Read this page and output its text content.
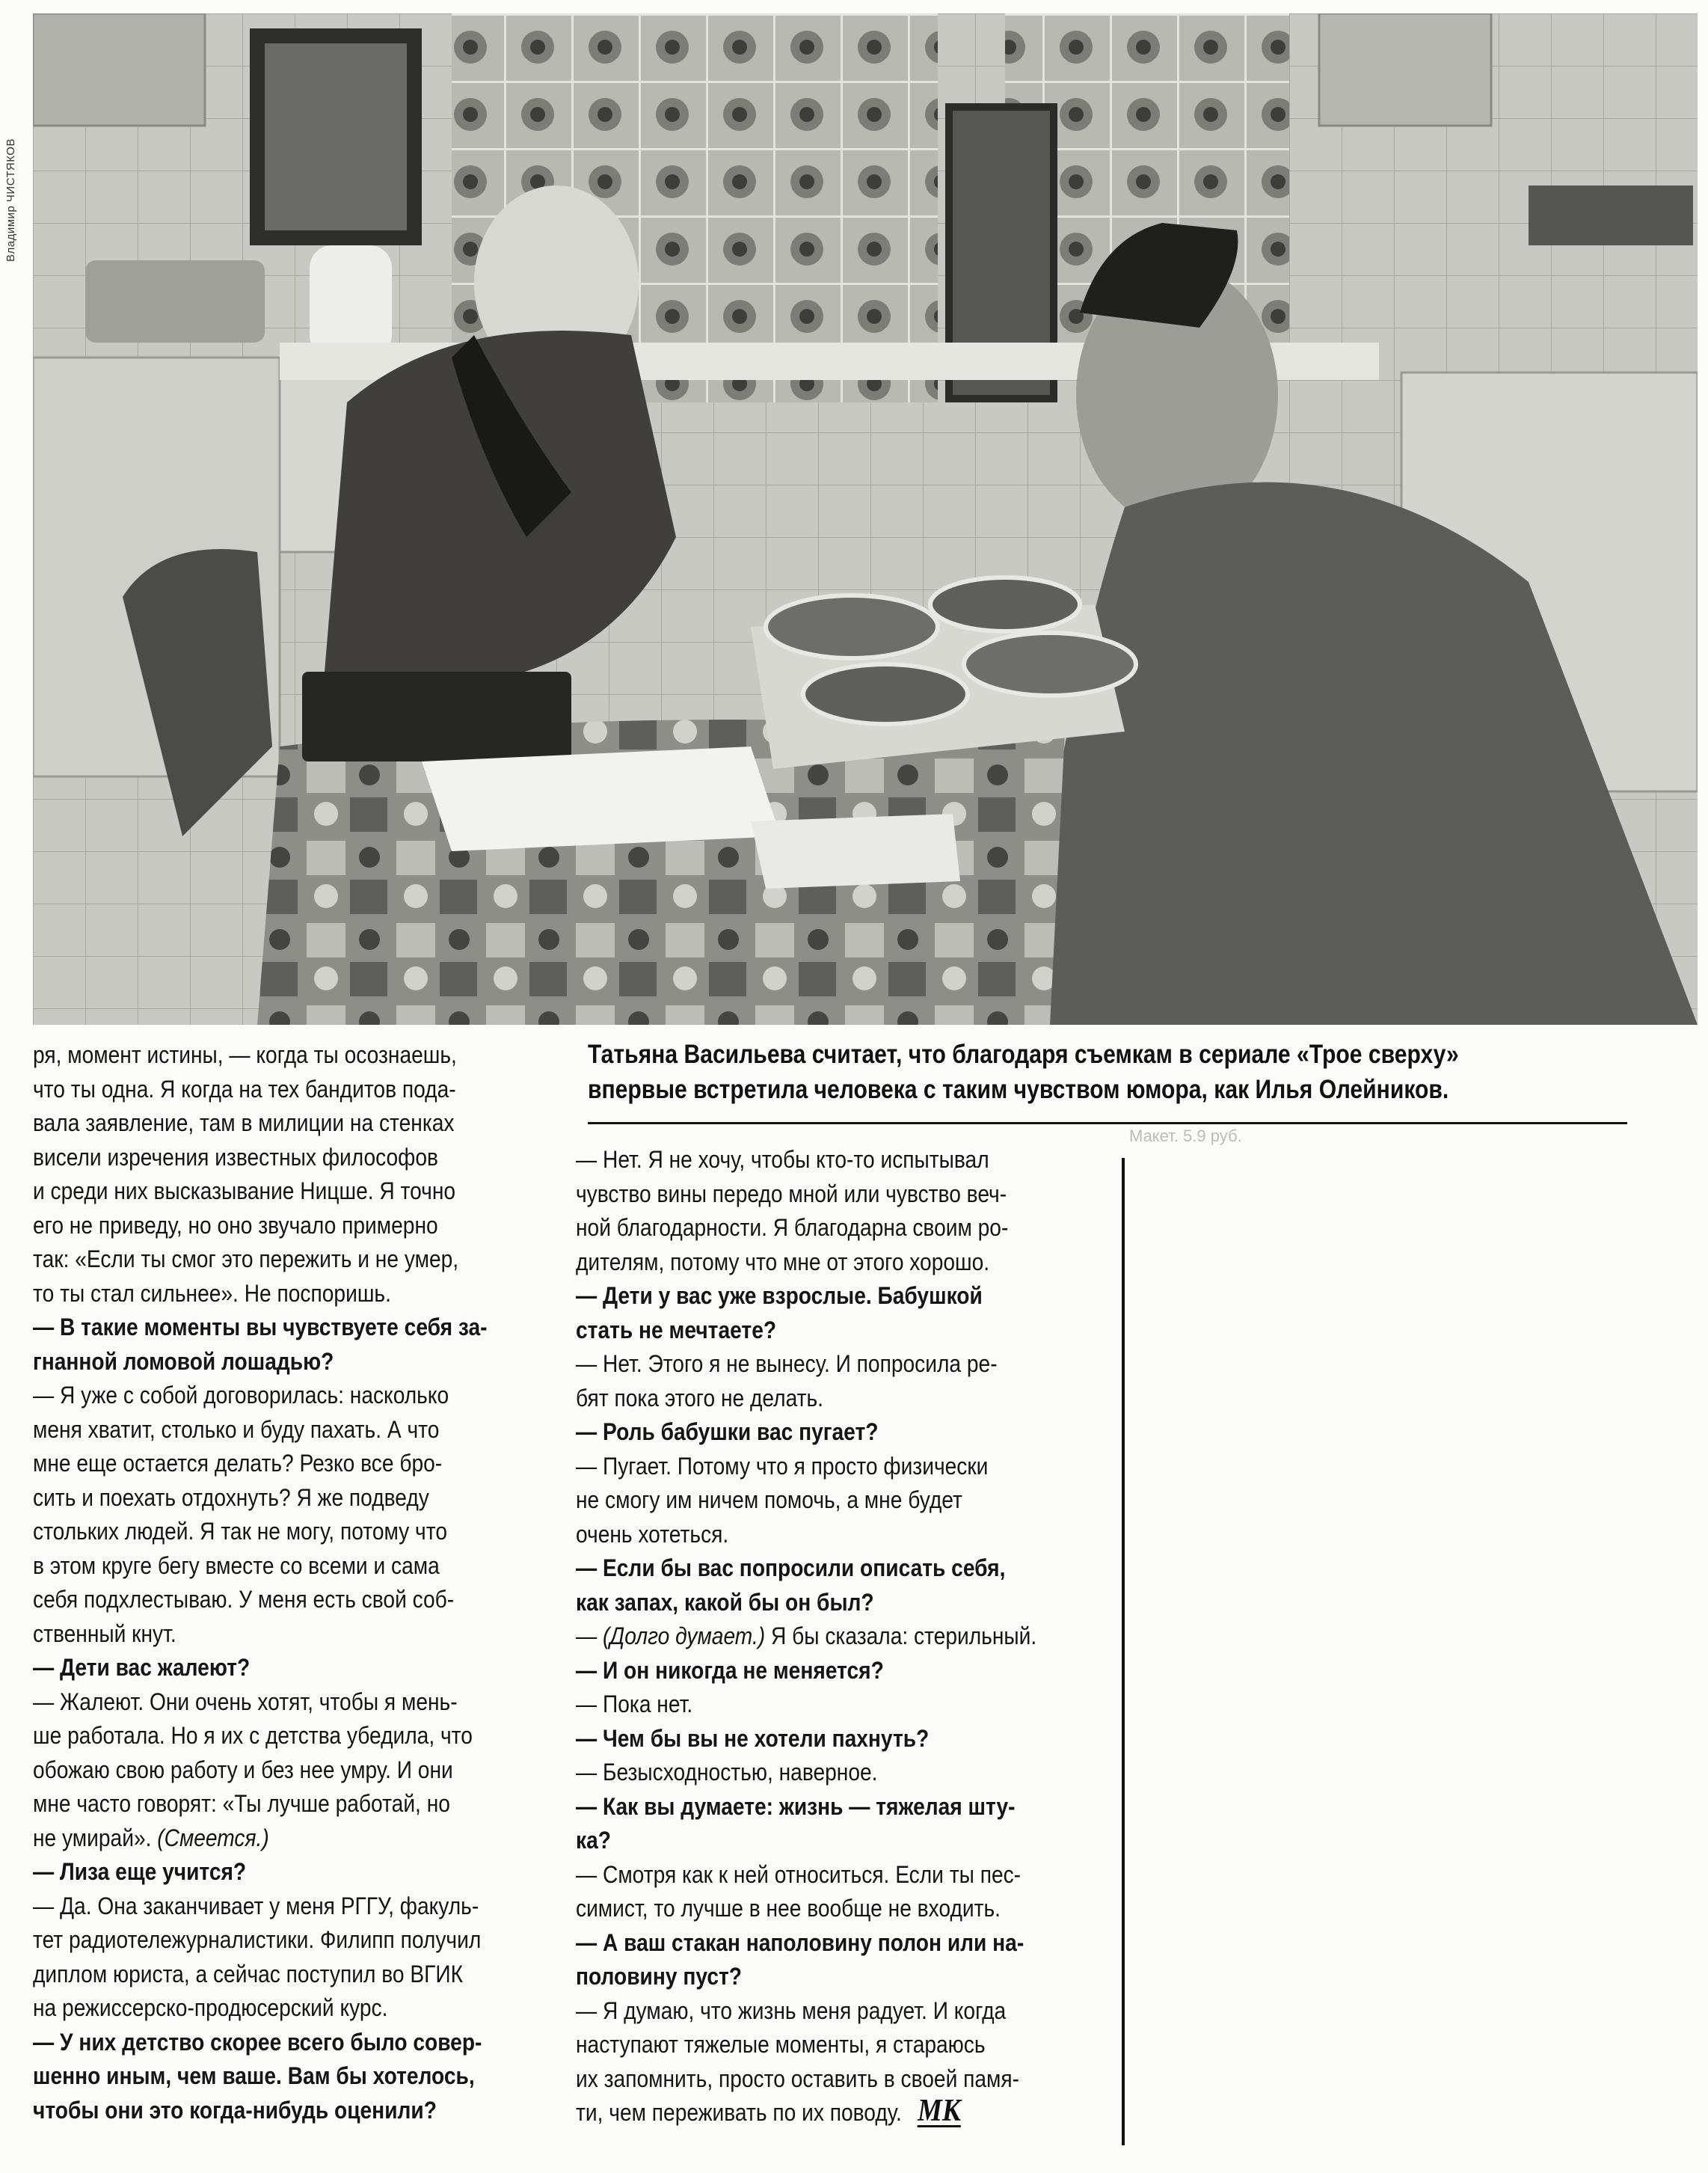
Владимир ЧИСТЯКОВ
Татьяна Васильева считает, что благодаря съемкам в сериале «Трое сверху»
впервые встретила человека с таким чувством юмора, как Илья Олейников.
Макет. 5.9 руб.

ря, момент истины, — когда ты осознаешь,

что ты одна. Я когда на тех бандитов пода-

вала заявление, там в милиции на стенках

висели изречения известных философов

и среди них высказывание Ницше. Я точно

его не приведу, но оно звучало примерно

так: «Если ты смог это пережить и не умер,

то ты стал сильнее». Не поспоришь.

— В такие моменты вы чувствуете себя за-

гнанной ломовой лошадью?

— Я уже с собой договорилась: насколько

меня хватит, столько и буду пахать. А что

мне еще остается делать? Резко все бро-

сить и поехать отдохнуть? Я же подведу

стольких людей. Я так не могу, потому что

в этом круге бегу вместе со всеми и сама

себя подхлестываю. У меня есть свой соб-

ственный кнут.

— Дети вас жалеют?

— Жалеют. Они очень хотят, чтобы я мень-

ше работала. Но я их с детства убедила, что

обожаю свою работу и без нее умру. И они

мне часто говорят: «Ты лучше работай, но

не умирай». (Смеется.)

— Лиза еще учится?

— Да. Она заканчивает у меня РГГУ, факуль-

тет радиотележурналистики. Филипп получил

диплом юриста, а сейчас поступил во ВГИК

на режиссерско-продюсерский курс.

— У них детство скорее всего было совер-

шенно иным, чем ваше. Вам бы хотелось,

чтобы они это когда-нибудь оценили?

— Нет. Я не хочу, чтобы кто-то испытывал

чувство вины передо мной или чувство веч-

ной благодарности. Я благодарна своим ро-

дителям, потому что мне от этого хорошо.

— Дети у вас уже взрослые. Бабушкой

стать не мечтаете?

— Нет. Этого я не вынесу. И попросила ре-

бят пока этого не делать.

— Роль бабушки вас пугает?

— Пугает. Потому что я просто физически

не смогу им ничем помочь, а мне будет

очень хотеться.

— Если бы вас попросили описать себя,

как запах, какой бы он был?

— (Долго думает.) Я бы сказала: стерильный.

— И он никогда не меняется?

— Пока нет.

— Чем бы вы не хотели пахнуть?

— Безысходностью, наверное.

— Как вы думаете: жизнь — тяжелая шту-

ка?

— Смотря как к ней относиться. Если ты пес-

симист, то лучше в нее вообще не входить.

— А ваш стакан наполовину полон или на-

половину пуст?

— Я думаю, что жизнь меня радует. И когда

наступают тяжелые моменты, я стараюсь

их запомнить, просто оставить в своей памя-

ти, чем переживать по их поводу. МК
